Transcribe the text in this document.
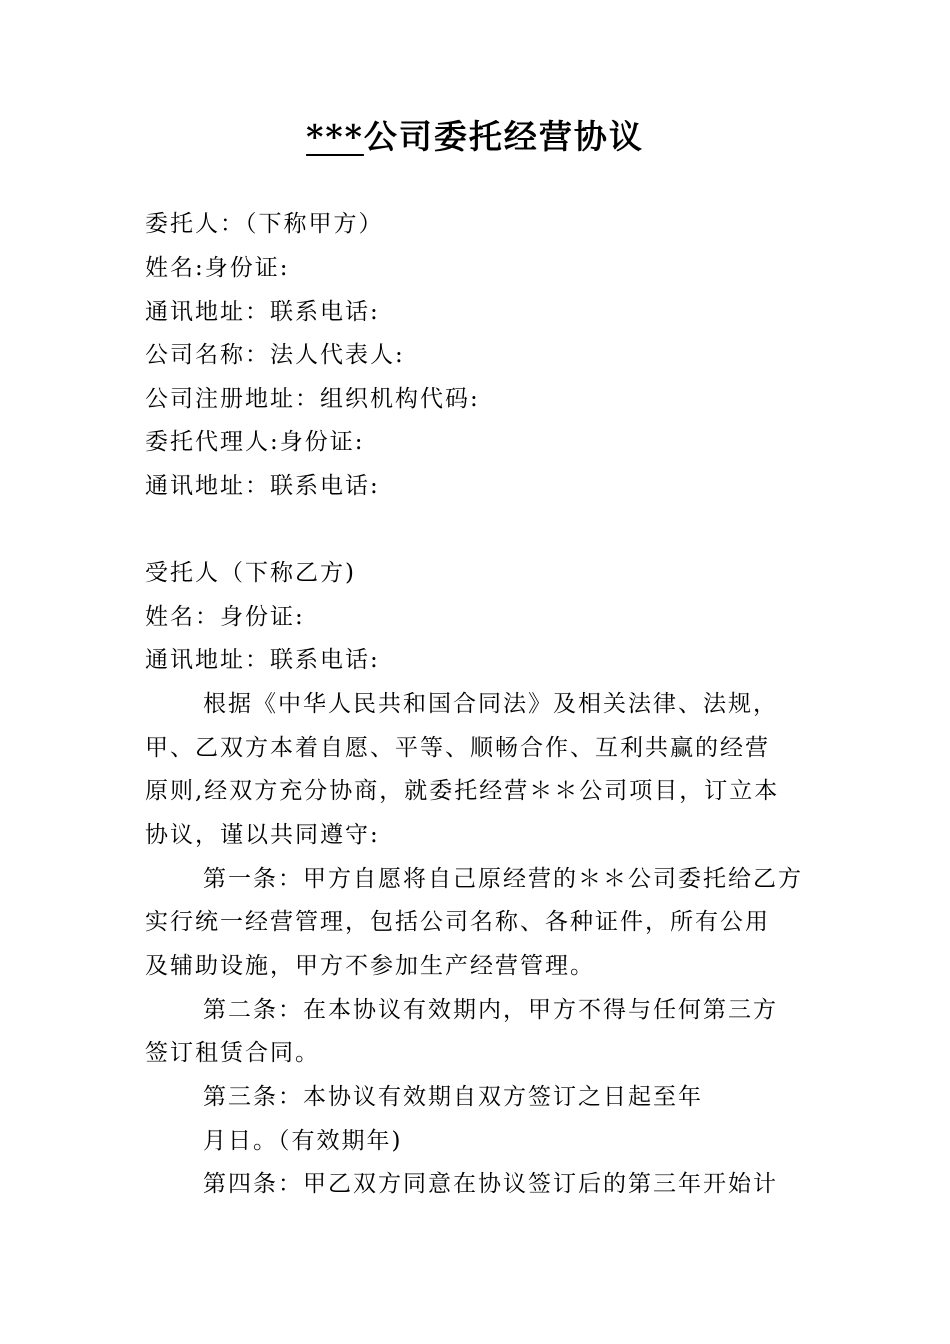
***公司委托经营协议
委托人：（下称甲方）
姓名:身份证:
通讯地址：联系电话:
公司名称：法人代表人:
公司注册地址：组织机构代码:
委托代理人:身份证:
通讯地址：联系电话:
受托人（下称乙方)
姓名：身份证:
通讯地址：联系电话:
根据《中华人民共和国合同法》及相关法律、法规，
甲、乙双方本着自愿、平等、顺畅合作、互利共赢的经营
原则,经双方充分协商，就委托经营＊＊公司项目，订立本
协议，谨以共同遵守:
第一条：甲方自愿将自己原经营的＊＊公司委托给乙方
实行统一经营管理，包括公司名称、各种证件，所有公用
及辅助设施，甲方不参加生产经营管理。
第二条：在本协议有效期内，甲方不得与任何第三方
签订租赁合同。
第三条：本协议有效期自双方签订之日起至年
月日。（有效期年)
第四条：甲乙双方同意在协议签订后的第三年开始计
